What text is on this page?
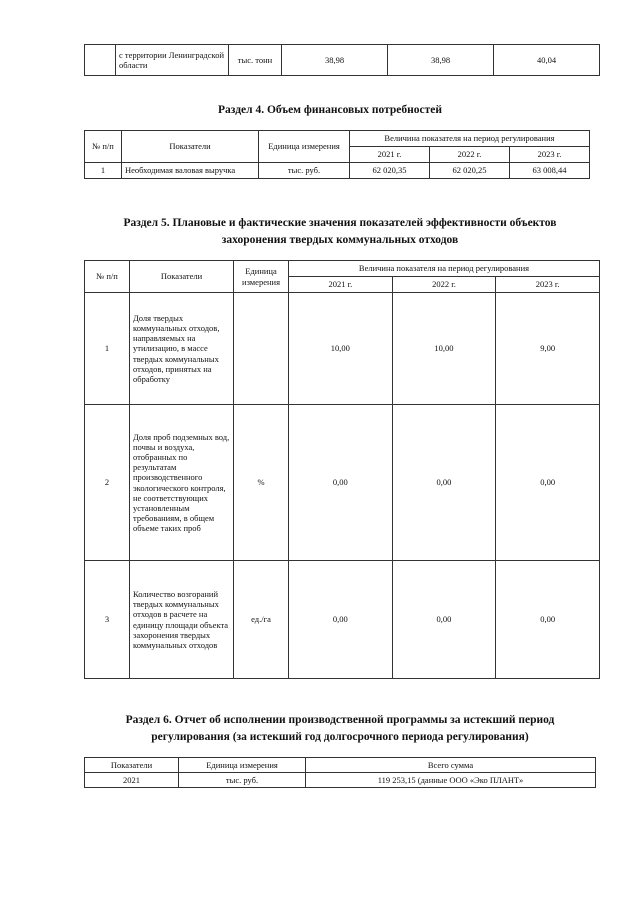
	с территории Ленинградской области	тыс. тонн	38,98	38,98	40,04
Раздел 4. Объем финансовых потребностей
№ п/п	Показатели	Единица измерения	Величина показателя на период регулирования		
			2021 г.	2022 г.	2023 г.
1	Необходимая валовая выручка	тыс. руб.	62 020,35	62 020,25	63 008,44
Раздел 5. Плановые и фактические значения показателей эффективности объектов захоронения твердых коммунальных отходов
№ п/п	Показатели	Единица измерения	Величина показателя на период регулирования		
			2021 г.	2022 г.	2023 г.
1	Доля твердых коммунальных отходов, направляемых на утилизацию, в массе твердых коммунальных отходов, принятых на обработку		10,00	10,00	9,00
2	Доля проб подземных вод, почвы и воздуха, отобранных по результатам производственного экологического контроля, не соответствующих установленным требованиям, в общем объеме таких проб	%	0,00	0,00	0,00
3	Количество возгораний твердых коммунальных отходов в расчете на единицу площади объекта захоронения твердых коммунальных отходов	ед./га	0,00	0,00	0,00
Раздел 6. Отчет об исполнении производственной программы за истекший период регулирования (за истекший год долгосрочного периода регулирования)
Показатели	Единица измерения	Всего сумма
2021	тыс. руб.	119 253,15 (данные ООО «Эко ПЛАНТ»
